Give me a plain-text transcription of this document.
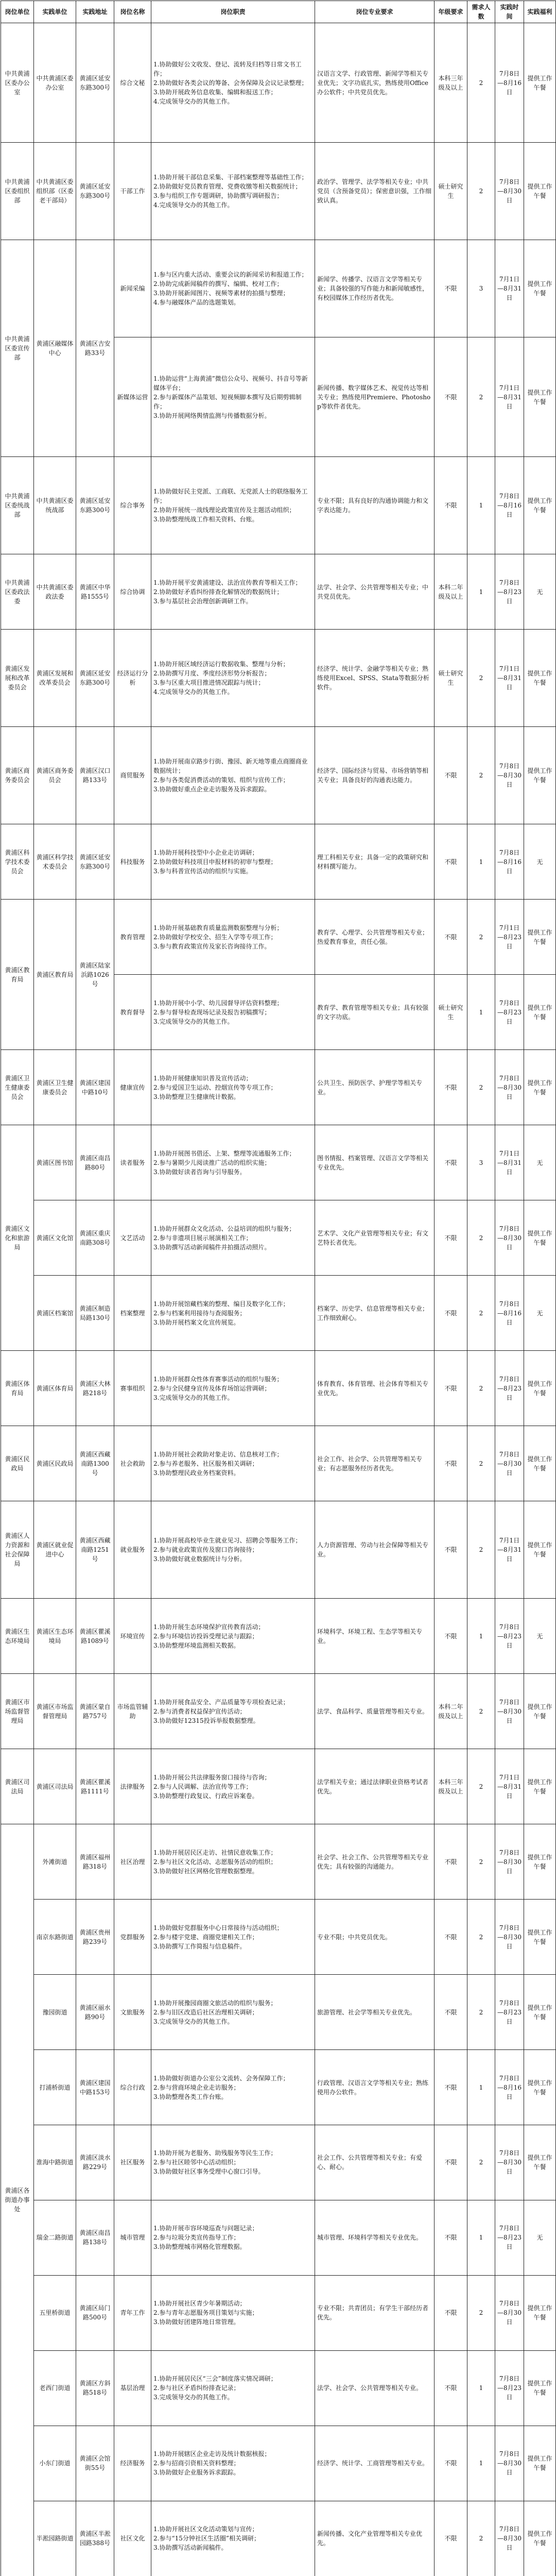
岗位单位	实践单位	实践地址	岗位名称	岗位职责	岗位专业要求	年级要求	需求人数	实践时间	实践福利
中共黄浦区委办公室	中共黄浦区委办公室	黄浦区延安东路300号	综合文秘	1.协助做好公文收发、登记、流转及归档等日常文书工作；
2.协助做好各类会议的筹备、会务保障及会议记录整理；
3.协助开展政务信息收集、编辑和报送工作；
4.完成领导交办的其他工作。	汉语言文学、行政管理、新闻学等相关专业优先；文字功底扎实，熟练使用Office办公软件；中共党员优先。	本科三年级及以上	2	7月8日—8月16日	提供工作午餐
中共黄浦区委组织部	中共黄浦区委组织部（区委老干部局）	黄浦区延安东路300号	干部工作	1.协助开展干部信息采集、干部档案整理等基础性工作；
2.协助做好党员教育管理、党费收缴等相关数据统计；
3.参与组织工作专题调研，协助撰写调研报告；
4.完成领导交办的其他工作。	政治学、管理学、法学等相关专业；中共党员（含预备党员）；保密意识强，工作细致认真。	硕士研究生	2	7月8日—8月30日	提供工作午餐
中共黄浦区委宣传部	黄浦区融媒体中心	黄浦区吉安路33号	新闻采编	1.参与区内重大活动、重要会议的新闻采访和报道工作；
2.协助完成新闻稿件的撰写、编辑、校对工作；
3.协助开展新闻图片、视频等素材的拍摄与整理；
4.参与融媒体产品的选题策划。	新闻学、传播学、汉语言文学等相关专业；具备较强的写作能力和新闻敏感性，有校园媒体工作经历者优先。	不限	3	7月1日—8月31日	提供工作午餐
			新媒体运营	1.协助运营“上海黄浦”微信公众号、视频号、抖音号等新媒体平台；
2.参与新媒体产品策划、短视频脚本撰写及后期剪辑制作；
3.协助开展网络舆情监测与传播数据分析。	新闻传播、数字媒体艺术、视觉传达等相关专业；熟练使用Premiere、Photoshop等软件者优先。	不限	2	7月1日—8月31日	提供工作午餐
中共黄浦区委统战部	中共黄浦区委统战部	黄浦区延安东路300号	综合事务	1.协助做好民主党派、工商联、无党派人士的联络服务工作；
2.协助开展统一战线理论政策宣传及主题活动组织；
3.协助整理统战工作相关资料、台账。	专业不限；具有良好的沟通协调能力和文字表达能力。	不限	1	7月8日—8月16日	提供工作午餐
中共黄浦区委政法委	中共黄浦区委政法委	黄浦区中华路1555号	综合协调	1.协助开展平安黄浦建设、法治宣传教育等相关工作；
2.协助做好矛盾纠纷排查化解情况的数据统计；
3.参与基层社会治理创新调研工作。	法学、社会学、公共管理等相关专业；中共党员优先。	本科二年级及以上	1	7月8日—8月23日	无
黄浦区发展和改革委员会	黄浦区发展和改革委员会	黄浦区延安东路300号	经济运行分析	1.协助开展区域经济运行数据收集、整理与分析；
2.协助撰写月度、季度经济形势分析报告；
3.参与区重大项目推进情况跟踪与统计；
4.完成领导交办的其他工作。	经济学、统计学、金融学等相关专业；熟练使用Excel、SPSS、Stata等数据分析软件。	硕士研究生	2	7月1日—8月31日	提供工作午餐
黄浦区商务委员会	黄浦区商务委员会	黄浦区汉口路133号	商贸服务	1.协助开展南京路步行街、豫园、新天地等重点商圈商业数据统计；
2.参与各类促消费活动的策划、组织与宣传工作；
3.协助做好重点企业走访服务及诉求跟踪。	经济学、国际经济与贸易、市场营销等相关专业；具备良好的沟通表达能力。	不限	2	7月8日—8月30日	提供工作午餐
黄浦区科学技术委员会	黄浦区科学技术委员会	黄浦区延安东路300号	科技服务	1.协助开展科技型中小企业走访调研；
2.协助做好科技项目申报材料的初审与整理；
3.参与科普宣传活动的组织与实施。	理工科相关专业；具备一定的政策研究和材料撰写能力。	不限	1	7月8日—8月16日	无
黄浦区教育局	黄浦区教育局	黄浦区陆家浜路1026号	教育管理	1.协助开展基础教育质量监测数据整理与分析；
2.协助做好学校安全、招生入学等专项工作；
3.参与教育政策宣传及家长咨询接待工作。	教育学、心理学、公共管理等相关专业；热爱教育事业，责任心强。	不限	2	7月1日—8月23日	提供工作午餐
			教育督导	1.协助开展中小学、幼儿园督导评估资料整理；
2.参与督导检查现场记录及报告初稿撰写；
3.完成领导交办的其他工作。	教育学、教育管理等相关专业；具有较强的文字功底。	硕士研究生	1	7月8日—8月23日	提供工作午餐
黄浦区卫生健康委员会	黄浦区卫生健康委员会	黄浦区建国中路10号	健康宣传	1.协助开展健康知识普及宣传活动；
2.参与爱国卫生运动、控烟宣传等专项工作；
3.协助整理卫生健康统计数据。	公共卫生、预防医学、护理学等相关专业。	不限	2	7月8日—8月30日	提供工作午餐
黄浦区文化和旅游局	黄浦区图书馆	黄浦区南昌路80号	读者服务	1.协助开展图书借还、上架、整理等流通服务工作；
2.参与暑期少儿阅读推广活动的组织实施；
3.协助做好读者咨询与引导服务。	图书情报、档案管理、汉语言文学等相关专业优先。	不限	3	7月1日—8月31日	无
	黄浦区文化馆	黄浦区重庆南路308号	文艺活动	1.协助开展群众文化活动、公益培训的组织与服务；
2.参与非遗项目展示展演相关工作；
3.协助撰写活动新闻稿件并拍摄活动照片。	艺术学、文化产业管理等相关专业；有文艺特长者优先。	不限	2	7月8日—8月30日	提供工作午餐
	黄浦区档案馆	黄浦区制造局路130号	档案整理	1.协助开展馆藏档案的整理、编目及数字化工作；
2.参与档案利用接待与查阅服务；
3.协助开展档案文化宣传展览。	档案学、历史学、信息管理等相关专业；工作细致耐心。	不限	2	7月8日—8月16日	无
黄浦区体育局	黄浦区体育局	黄浦区大林路218号	赛事组织	1.协助开展群众性体育赛事活动的组织与服务；
2.参与全民健身宣传及体育场馆运营调研；
3.完成领导交办的其他工作。	体育教育、体育管理、社会体育等相关专业优先。	不限	2	7月8日—8月23日	提供工作午餐
黄浦区民政局	黄浦区民政局	黄浦区西藏南路1300号	社会救助	1.协助开展社会救助对象走访、信息核对工作；
2.参与养老服务、社区服务相关调研；
3.协助整理民政业务档案资料。	社会工作、社会学、公共管理等相关专业；有志愿服务经历者优先。	不限	2	7月8日—8月30日	提供工作午餐
黄浦区人力资源和社会保障局	黄浦区就业促进中心	黄浦区西藏南路1251号	就业服务	1.协助开展高校毕业生就业见习、招聘会等服务工作；
2.参与就业政策宣传及窗口咨询接待；
3.协助做好就业数据统计与分析。	人力资源管理、劳动与社会保障等相关专业。	不限	2	7月1日—8月31日	提供工作午餐
黄浦区生态环境局	黄浦区生态环境局	黄浦区瞿溪路1089号	环境宣传	1.协助开展生态环境保护宣传教育活动；
2.参与环境信访投诉受理记录与跟踪；
3.协助整理环境监测相关数据。	环境科学、环境工程、生态学等相关专业。	不限	1	7月8日—8月23日	无
黄浦区市场监督管理局	黄浦区市场监督管理局	黄浦区蒙自路757号	市场监管辅助	1.协助开展食品安全、产品质量等专项检查记录；
2.参与消费者权益保护宣传活动；
3.协助做好12315投诉举报数据整理。	法学、食品科学、质量管理等相关专业。	本科二年级及以上	2	7月8日—8月30日	提供工作午餐
黄浦区司法局	黄浦区司法局	黄浦区瞿溪路1111号	法律服务	1.协助开展公共法律服务窗口接待与咨询；
2.参与人民调解、法治宣传等工作；
3.协助整理行政复议、行政应诉案卷。	法学相关专业；通过法律职业资格考试者优先。	本科三年级及以上	2	7月1日—8月31日	提供工作午餐
黄浦区各街道办事处	外滩街道	黄浦区福州路318号	社区治理	1.协助开展居民区走访、社情民意收集工作；
2.参与社区文化活动、志愿服务活动的组织；
3.协助做好社区网格化管理数据整理。	社会学、社会工作、公共管理等相关专业优先；具有较强的沟通能力。	不限	2	7月8日—8月30日	提供工作午餐
	南京东路街道	黄浦区贵州路239号	党群服务	1.协助做好党群服务中心日常接待与活动组织；
2.参与楼宇党建、商圈党建相关工作；
3.协助撰写工作简报与信息稿件。	专业不限；中共党员优先。	不限	2	7月8日—8月30日	提供工作午餐
	豫园街道	黄浦区丽水路90号	文旅服务	1.协助开展豫园商圈文旅活动的组织与服务；
2.参与旧区改造后社区治理相关调研；
3.完成领导交办的其他工作。	旅游管理、社会学等相关专业优先。	不限	2	7月8日—8月23日	提供工作午餐
	打浦桥街道	黄浦区建国中路153号	综合行政	1.协助做好街道办公室公文流转、会务保障工作；
2.参与营商环境企业走访服务；
3.协助整理各类工作台账。	行政管理、汉语言文学等相关专业；熟练使用办公软件。	不限	1	7月8日—8月16日	提供工作午餐
	淮海中路街道	黄浦区淡水路229号	社区服务	1.协助开展为老服务、助残服务等民生工作；
2.参与社区睦邻中心活动组织；
3.协助做好社区事务受理中心窗口引导。	社会工作、公共管理等相关专业；有爱心、耐心。	不限	2	7月8日—8月30日	提供工作午餐
	瑞金二路街道	黄浦区南昌路138号	城市管理	1.协助开展市容环境巡查与问题记录；
2.参与垃圾分类宣传指导工作；
3.协助整理城市网格化管理数据。	城市管理、环境科学等相关专业优先。	不限	1	7月8日—8月23日	无
	五里桥街道	黄浦区局门路500号	青年工作	1.协助开展社区青少年暑期活动；
2.参与青年志愿服务项目策划与实施；
3.协助做好团建阵地日常管理。	专业不限；共青团员；有学生干部经历者优先。	不限	2	7月8日—8月30日	提供工作午餐
	老西门街道	黄浦区方斜路518号	基层治理	1.协助开展居民区“三会”制度落实情况调研；
2.参与社区矛盾纠纷排查记录；
3.完成领导交办的其他工作。	法学、社会学、公共管理等相关专业。	不限	1	7月8日—8月23日	提供工作午餐
	小东门街道	黄浦区会馆街55号	经济服务	1.协助开展辖区企业走访及统计数据核报；
2.参与招商引资相关资料整理；
3.协助做好企业服务诉求跟踪。	经济学、统计学、工商管理等相关专业。	不限	1	7月8日—8月30日	提供工作午餐
	半淞园路街道	黄浦区半淞园路388号	社区文化	1.协助开展社区文化活动策划与宣传；
2.参与“15分钟社区生活圈”相关调研；
3.协助撰写活动新闻稿件。	新闻传播、文化产业管理等相关专业优先。	不限	2	7月8日—8月30日	提供工作午餐
